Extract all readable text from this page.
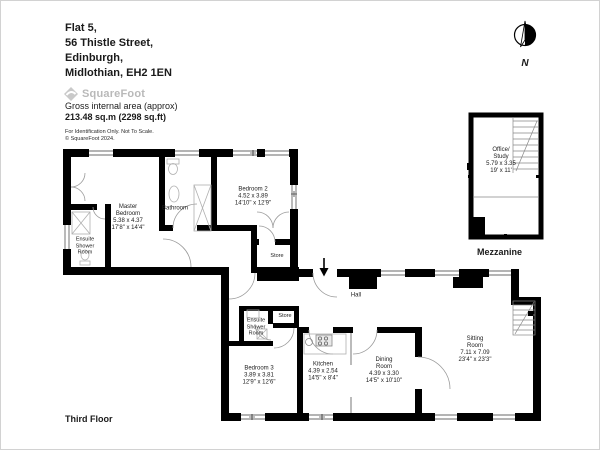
Flat 5,
56 Thistle Street,
Edinburgh,
Midlothian, EH2 1EN
SquareFoot
Gross internal area (approx)
213.48 sq.m (2298 sq.ft)
For Identification Only. Not To Scale.
© SquareFoot 2024.
N
Master
Bedroom
5.38 x 4.37
17'8" x 14'4"
Ensuite
Shower
Room
Bathroom
Bedroom 2
4.52 x 3.89
14'10" x 12'9"
Store
Hall
Ensuite
Shower
Room
Store
Bedroom 3
3.89 x 3.81
12'9" x 12'6"
Kitchen
4.39 x 2.54
14'5" x 8'4"
Dining
Room
4.39 x 3.30
14'5" x 10'10"
Sitting
Room
7.11 x 7.09
23'4" x 23'3"
Office/
Study
5.79 x 3.35
19' x 11'
Mezzanine
Third Floor
